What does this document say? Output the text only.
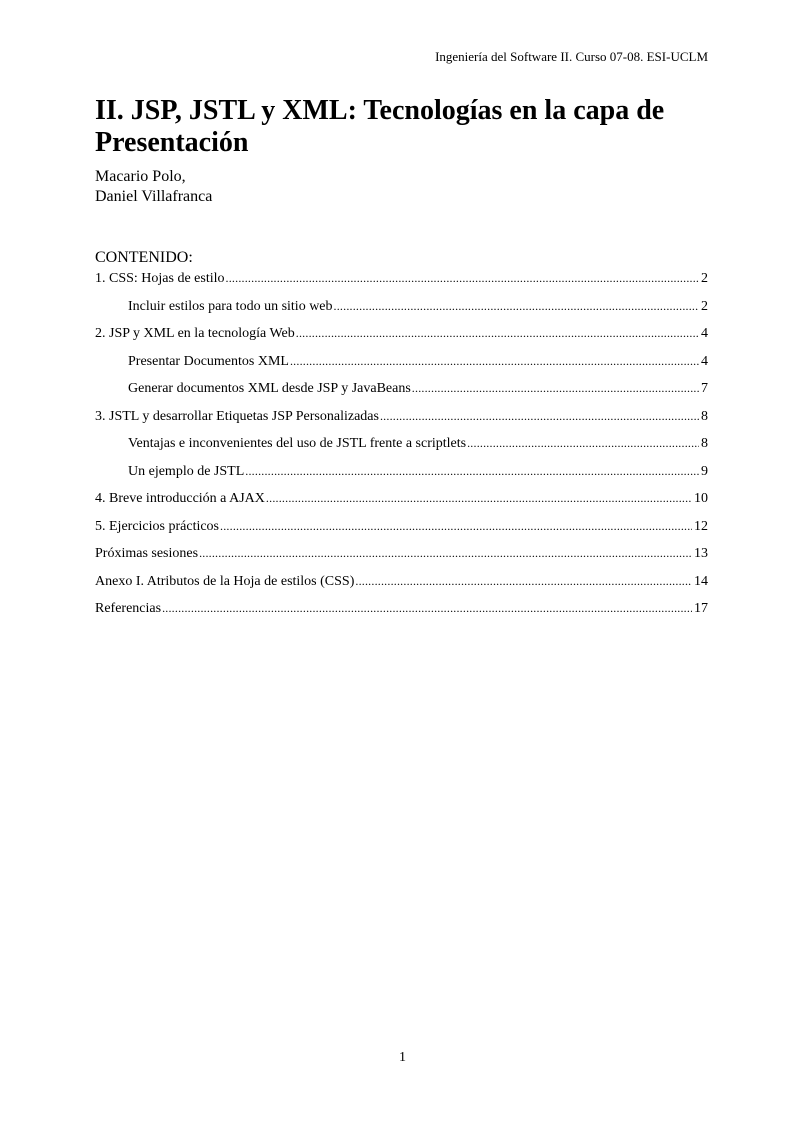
Ingeniería del Software II. Curso 07-08. ESI-UCLM
II. JSP, JSTL y XML: Tecnologías en la capa de Presentación
Macario Polo,
Daniel Villafranca
CONTENIDO:
1. CSS: Hojas de estilo .....	2
Incluir estilos para todo un sitio web .....	2
2. JSP y XML en la tecnología Web .....	4
Presentar Documentos XML .....	4
Generar documentos XML desde JSP y JavaBeans .....	7
3. JSTL y desarrollar Etiquetas JSP Personalizadas .....	8
Ventajas e inconvenientes del uso de JSTL frente a scriptlets .....	8
Un ejemplo de JSTL .....	9
4. Breve introducción a AJAX .....	10
5. Ejercicios prácticos .....	12
Próximas sesiones .....	13
Anexo I. Atributos de la Hoja de estilos (CSS) .....	14
Referencias .....	17
1
